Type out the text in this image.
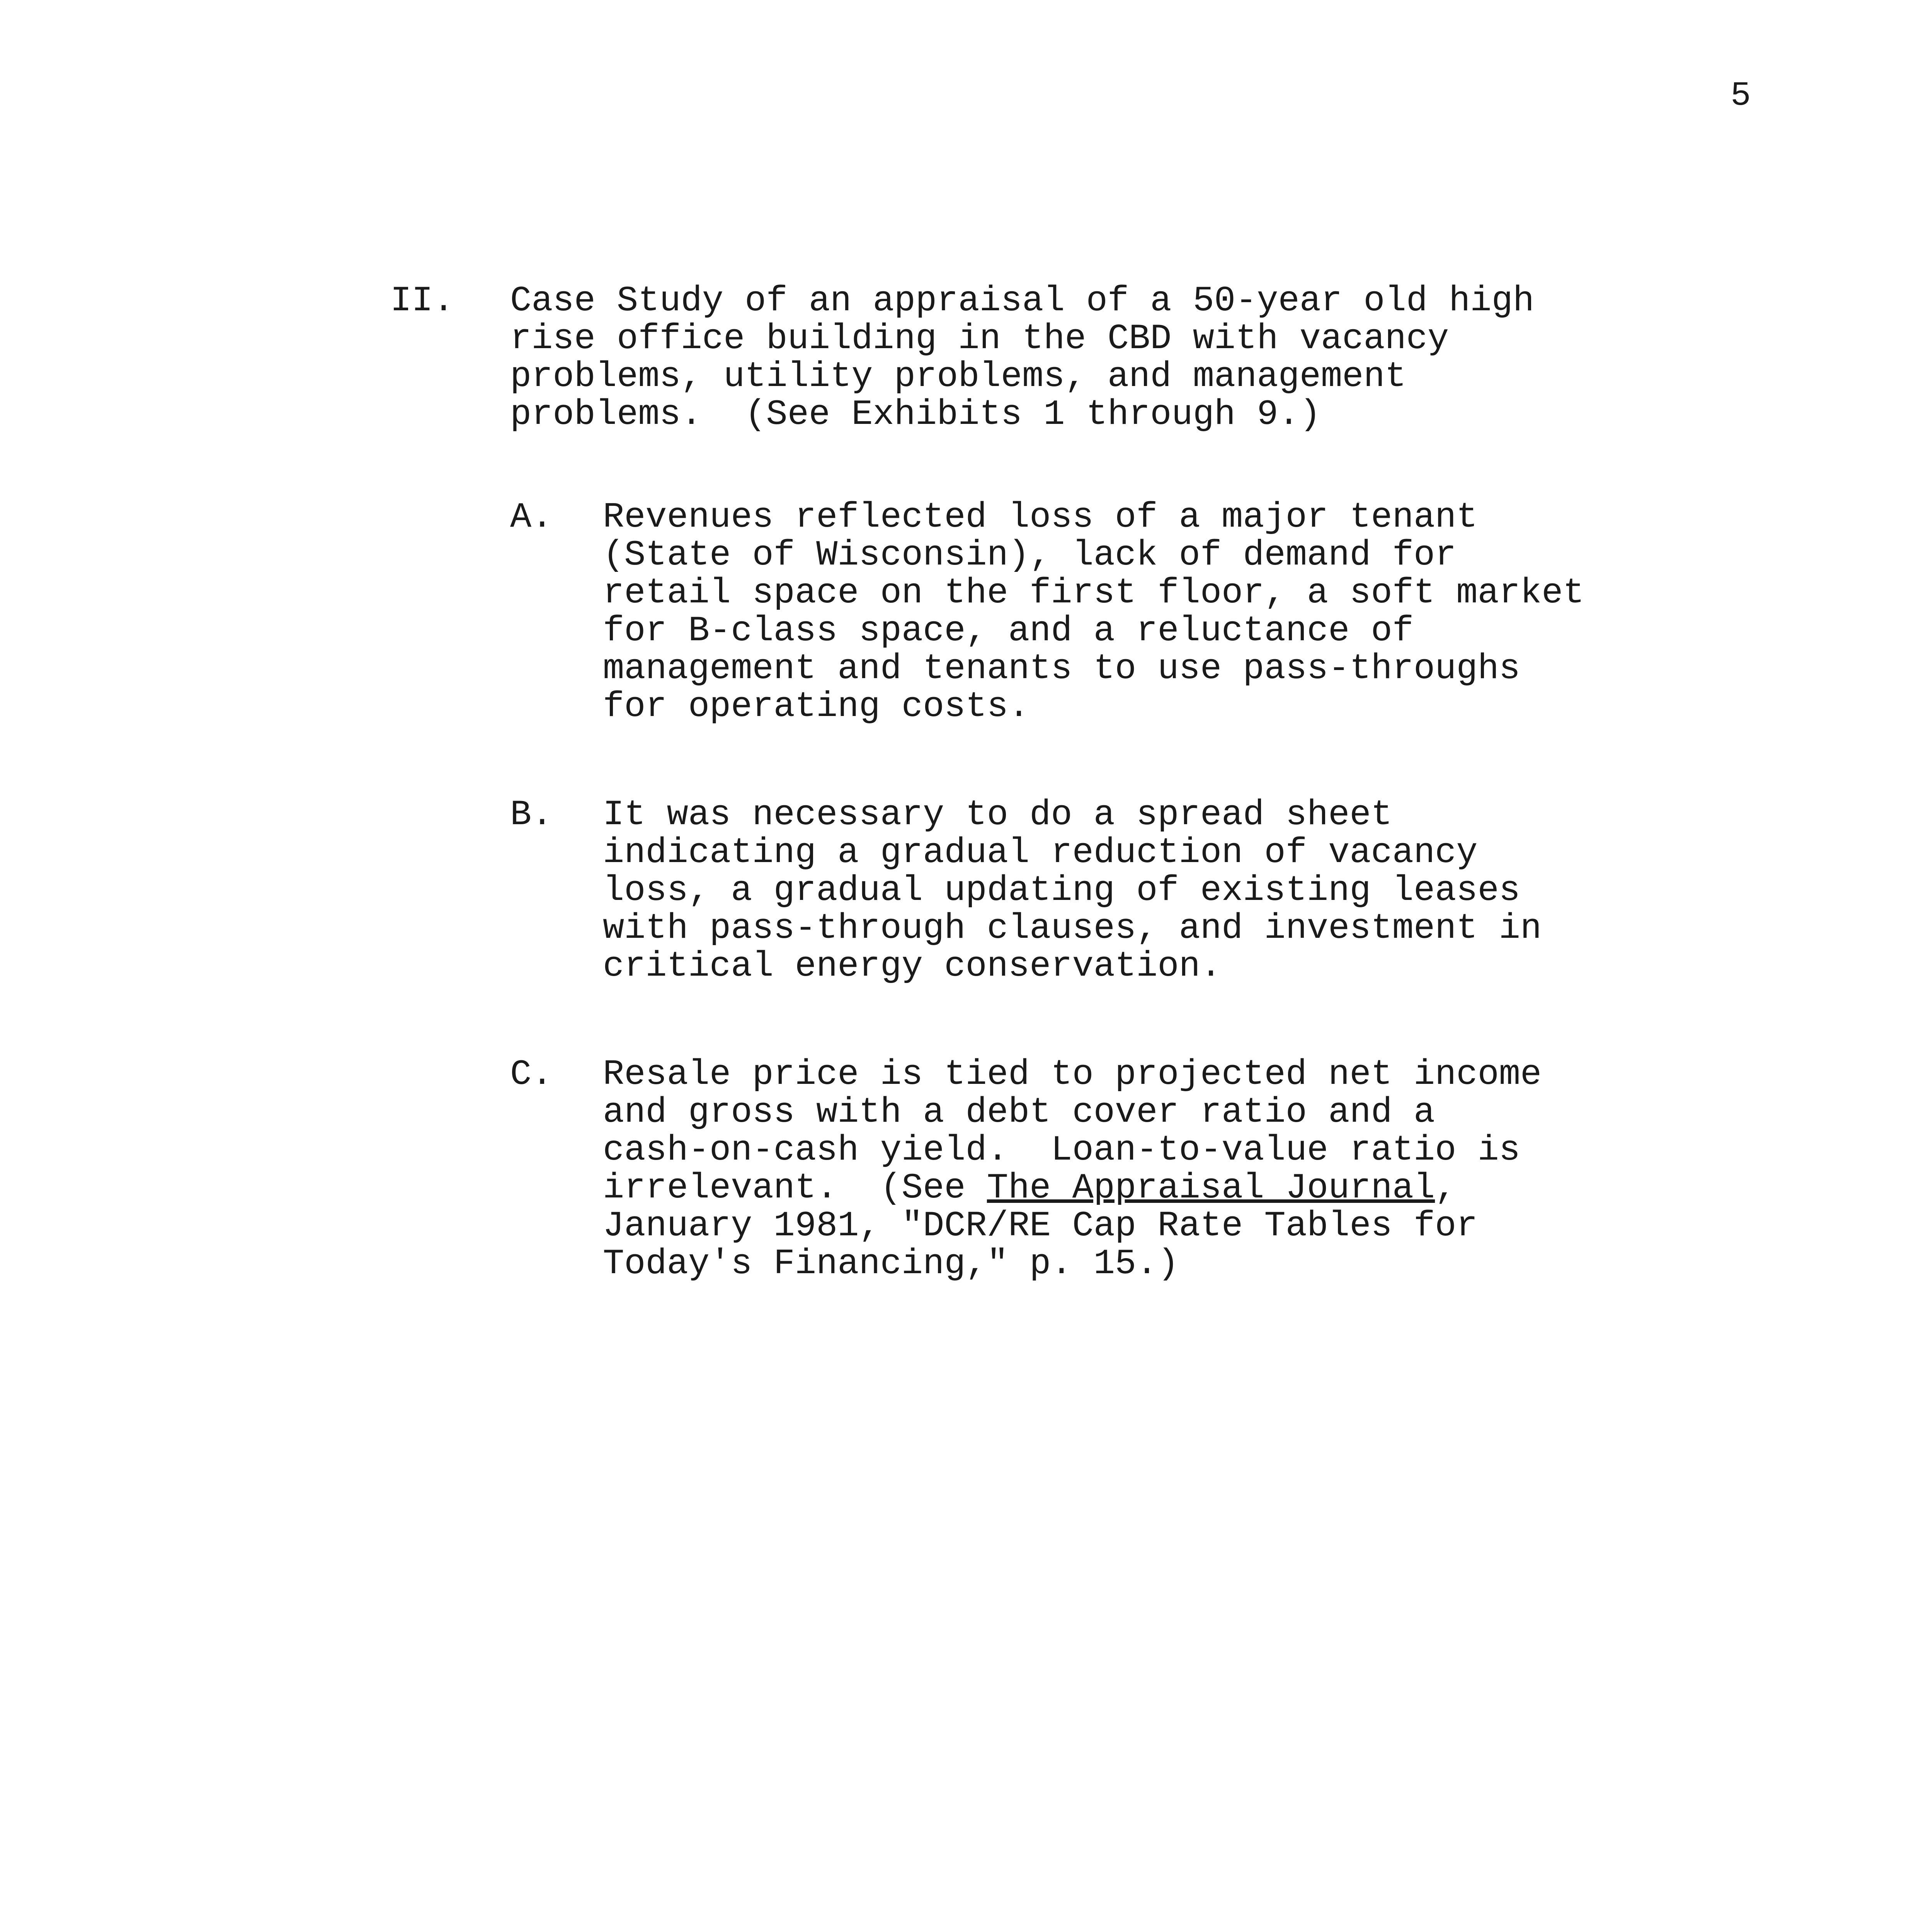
5
II. Case Study of an appraisal of a 50-year old high
rise office building in the CBD with vacancy
problems, utility problems, and management
problems.  (See Exhibits 1 through 9.)
A. Revenues reflected loss of a major tenant
(State of Wisconsin), lack of demand for
retail space on the first floor, a soft market
for B-class space, and a reluctance of
management and tenants to use pass-throughs
for operating costs.
B. It was necessary to do a spread sheet
indicating a gradual reduction of vacancy
loss, a gradual updating of existing leases
with pass-through clauses, and investment in
critical energy conservation.
C. Resale price is tied to projected net income
and gross with a debt cover ratio and a
cash-on-cash yield.  Loan-to-value ratio is
irrelevant.  (See The Appraisal Journal,
January 1981, "DCR/RE Cap Rate Tables for
Today's Financing," p. 15.)
